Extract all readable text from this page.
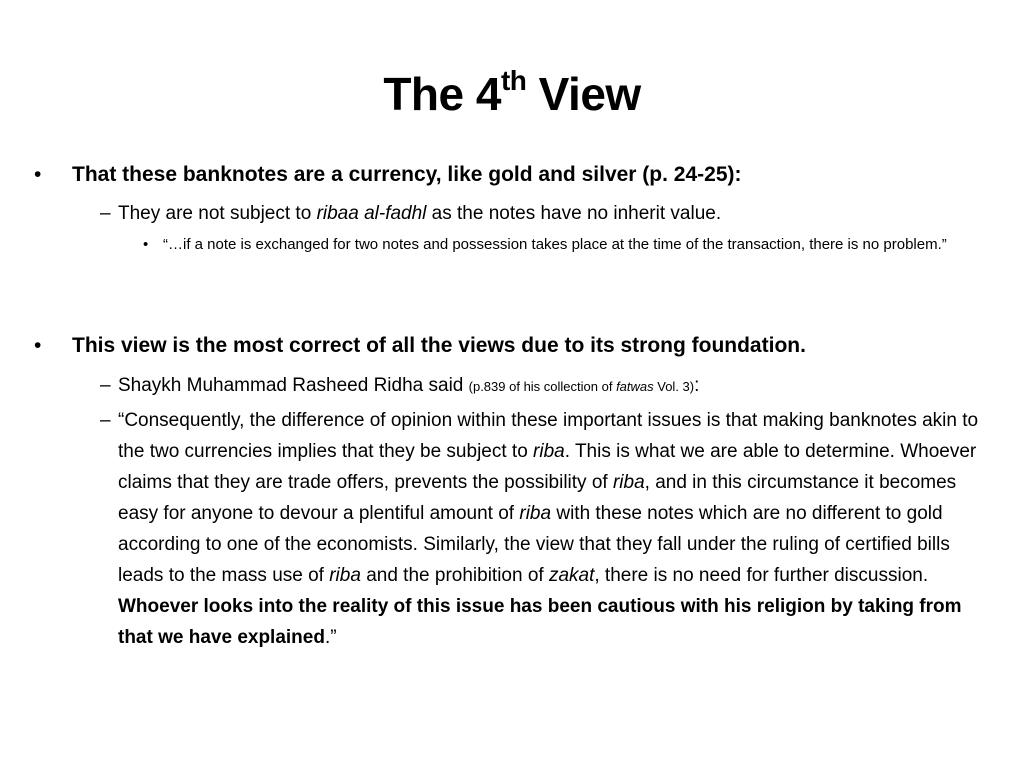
The 4th View
•	That these banknotes are a currency, like gold and silver (p. 24-25):
– They are not subject to ribaa al-fadhl as the notes have no inherit value.
• “…if a note is exchanged for two notes and possession takes place at the time of the transaction, there is no problem.”
•	This view is the most correct of all the views due to its strong foundation.
– Shaykh Muhammad Rasheed Ridha said (p.839 of his collection of fatwas Vol. 3):
– “Consequently, the difference of opinion within these important issues is that making banknotes akin to the two currencies implies that they be subject to riba. This is what we are able to determine. Whoever claims that they are trade offers, prevents the possibility of riba, and in this circumstance it becomes easy for anyone to devour a plentiful amount of riba with these notes which are no different to gold according to one of the economists. Similarly, the view that they fall under the ruling of certified bills leads to the mass use of riba and the prohibition of zakat, there is no need for further discussion. Whoever looks into the reality of this issue has been cautious with his religion by taking from that we have explained.”
